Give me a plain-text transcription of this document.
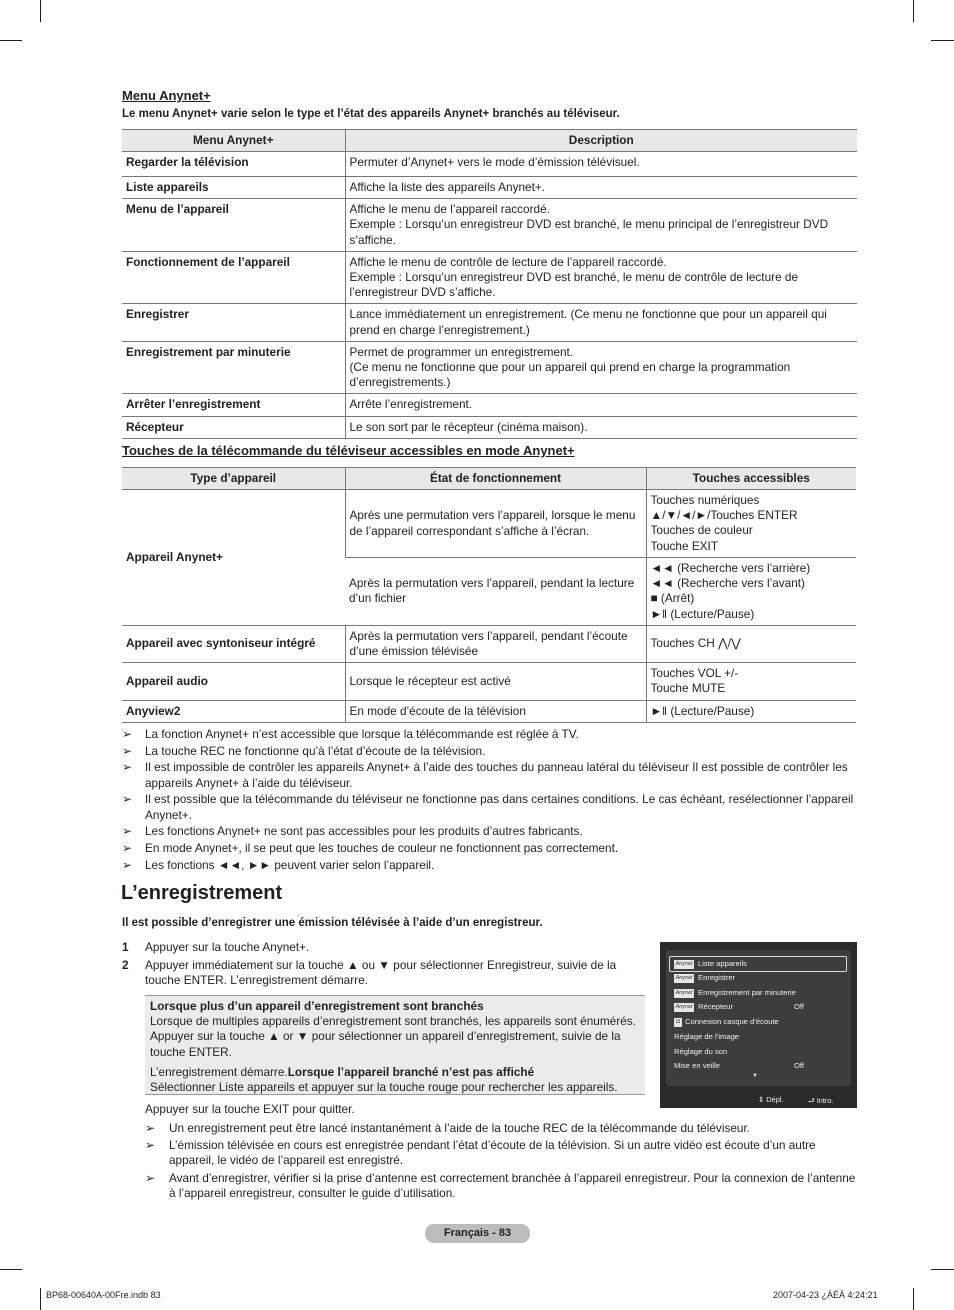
Menu Anynet+
Le menu Anynet+ varie selon le type et l’état des appareils Anynet+ branchés au téléviseur.
Menu Anynet+	Description
Regarder la télévision	Permuter d’Anynet+ vers le mode d’émission télévisuel.
Liste appareils	Affiche la liste des appareils Anynet+.
Menu de l’appareil	Affiche le menu de l’appareil raccordé.
Exemple : Lorsqu’un enregistreur DVD est branché, le menu principal de l’enregistreur DVD s’affiche.

Fonctionnement de l’appareil	Affiche le menu de contrôle de lecture de l’appareil raccordé.
Exemple : Lorsqu’un enregistreur DVD est branché, le menu de contrôle de lecture de l’enregistreur DVD s’affiche.

Enregistrer	Lance immédiatement un enregistrement. (Ce menu ne fonctionne que pour un appareil qui prend en charge l’enregistrement.)
Enregistrement par minuterie	Permet de programmer un enregistrement.
(Ce menu ne fonctionne que pour un appareil qui prend en charge la programmation d’enregistrements.)

Arrêter l’enregistrement	Arrête l’enregistrement.
Récepteur	Le son sort par le récepteur (cinéma maison).
Touches de la télécommande du téléviseur accessibles en mode Anynet+
Type d’appareil	État de fonctionnement	Touches accessibles
Appareil Anynet+	Après une permutation vers l’appareil, lorsque le menu de l’appareil correspondant s’affiche à l’écran.	Touches numériques
▲/▼/◄/►/Touches ENTER
Touches de couleur
Touche EXIT

	Après la permutation vers l’appareil, pendant la lecture d’un fichier	◄◄ (Recherche vers l’arrière)
◄◄ (Recherche vers l’avant)
■ (Arrêt)
►‖ (Lecture/Pause)

Appareil avec syntoniseur intégré	Après la permutation vers l’appareil, pendant l’écoute d’une émission télévisée	Touches CH ⋀/⋁
Appareil audio	Lorsque le récepteur est activé	Touches VOL +/-
Touche MUTE

Anyview2	En mode d’écoute de la télévision	►‖ (Lecture/Pause)
➢ La fonction Anynet+ n’est accessible que lorsque la télécommande est réglée à TV.
➢ La touche REC ne fonctionne qu’à l’état d’écoute de la télévision.
➢ Il est impossible de contrôler les appareils Anynet+ à l’aide des touches du panneau latéral du téléviseur Il est possible de contrôler les appareils Anynet+ à l’aide du téléviseur.
➢ Il est possible que la télécommande du téléviseur ne fonctionne pas dans certaines conditions. Le cas échéant, resélectionner l’appareil Anynet+.
➢ Les fonctions Anynet+ ne sont pas accessibles pour les produits d’autres fabricants.
➢ En mode Anynet+, il se peut que les touches de couleur ne fonctionnent pas correctement.
➢ Les fonctions ◄◄, ►► peuvent varier selon l’appareil.
L’enregistrement
Il est possible d’enregistrer une émission télévisée à l’aide d’un enregistreur.
1 Appuyer sur la touche Anynet+.
2 Appuyer immédiatement sur la touche ▲ ou ▼ pour sélectionner Enregistreur, suivie de la touche ENTER. L’enregistrement démarre.
Lorsque plus d’un appareil d’enregistrement sont branchés
Lorsque de multiples appareils d’enregistrement sont branchés, les appareils sont énumérés. Appuyer sur la touche ▲ or ▼ pour sélectionner un appareil d’enregistrement, suivie de la touche ENTER.
L’enregistrement démarre.Lorsque l’appareil branché n’est pas affiché
Sélectionner Liste appareils et appuyer sur la touche rouge pour rechercher les appareils.
Appuyer sur la touche EXIT pour quitter.
➢ Un enregistrement peut être lancé instantanément à l’aide de la touche REC de la télécommande du téléviseur.
➢ L’émission télévisée en cours est enregistrée pendant l’état d’écoute de la télévision. Si un autre vidéo est écoute d’un autre appareil, le vidéo de l’appareil est enregistré.
➢ Avant d’enregistrer, vérifier si la prise d’antenne est correctement branchée à l’appareil enregistreur. Pour la connexion de l’antenne à l’appareil enregistreur, consulter le guide d’utilisation.
Anynet Liste appareils
Anynet Enregistrer
Anynet Enregistrement par minuterie
Anynet Récepteur	Off
◘ Connexion casque d’écoute
Réglage de l’image
Réglage du son
Mise en veille	Off
▼
⇕ Dépl.	⮐ Intro.
Français - 83
BP68-00640A-00Fre.indb 83	2007-04-23 ¿ÀÈÄ 4:24:21
